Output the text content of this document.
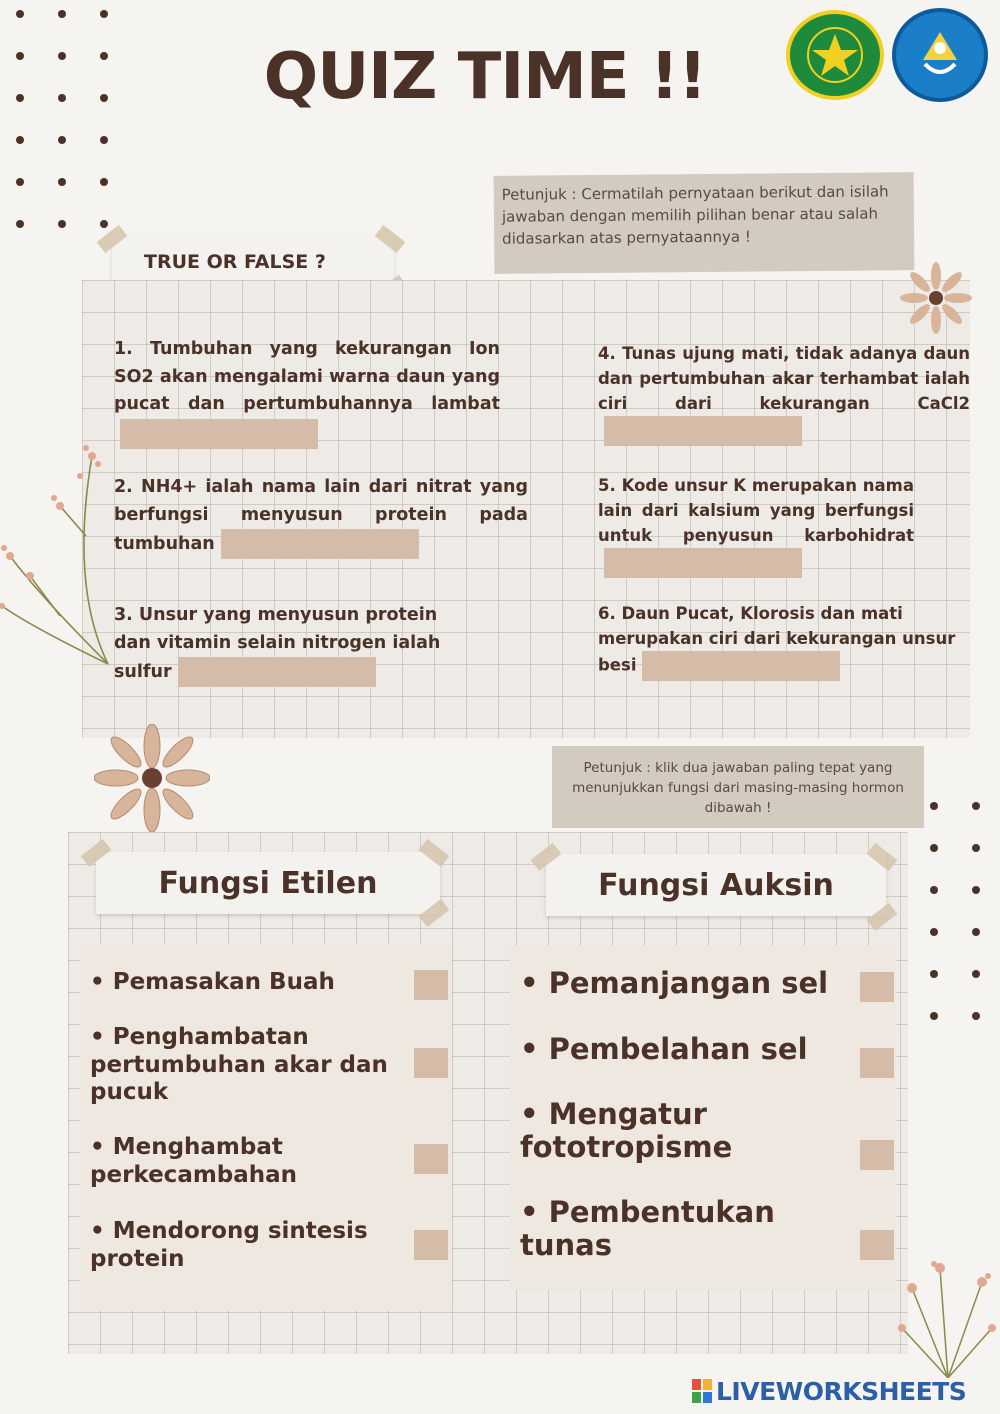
QUIZ TIME !!

Petunjuk : Cermatilah pernyataan berikut dan isilah jawaban dengan memilih pilihan benar atau salah didasarkan atas pernyataannya !

TRUE OR FALSE ?
1. Tumbuhan yang kekurangan Ion SO2 akan mengalami warna daun yang pucat dan pertumbuhannya lambat
2. NH4+ ialah nama lain dari nitrat yang berfungsi menyusun protein pada tumbuhan
3. Unsur yang menyusun protein dan vitamin selain nitrogen ialah sulfur
4. Tunas ujung mati, tidak adanya daun dan pertumbuhan akar terhambat ialah ciri dari kekurangan CaCl2
5. Kode unsur K merupakan nama lain dari kalsium yang berfungsi untuk penyusun karbohidrat
6. Daun Pucat, Klorosis dan mati merupakan ciri dari kekurangan unsur besi

Petunjuk : klik dua jawaban paling tepat yang menunjukkan fungsi dari masing-masing hormon dibawah !

Fungsi Etilen	Fungsi Auksin
• Pemasakan Buah
• Penghambatan pertumbuhan akar dan pucuk
• Menghambat perkecambahan
• Mendorong sintesis protein
• Pemanjangan sel
• Pembelahan sel
• Mengatur fototropisme
• Pembentukan tunas
LIVEWORKSHEETS
